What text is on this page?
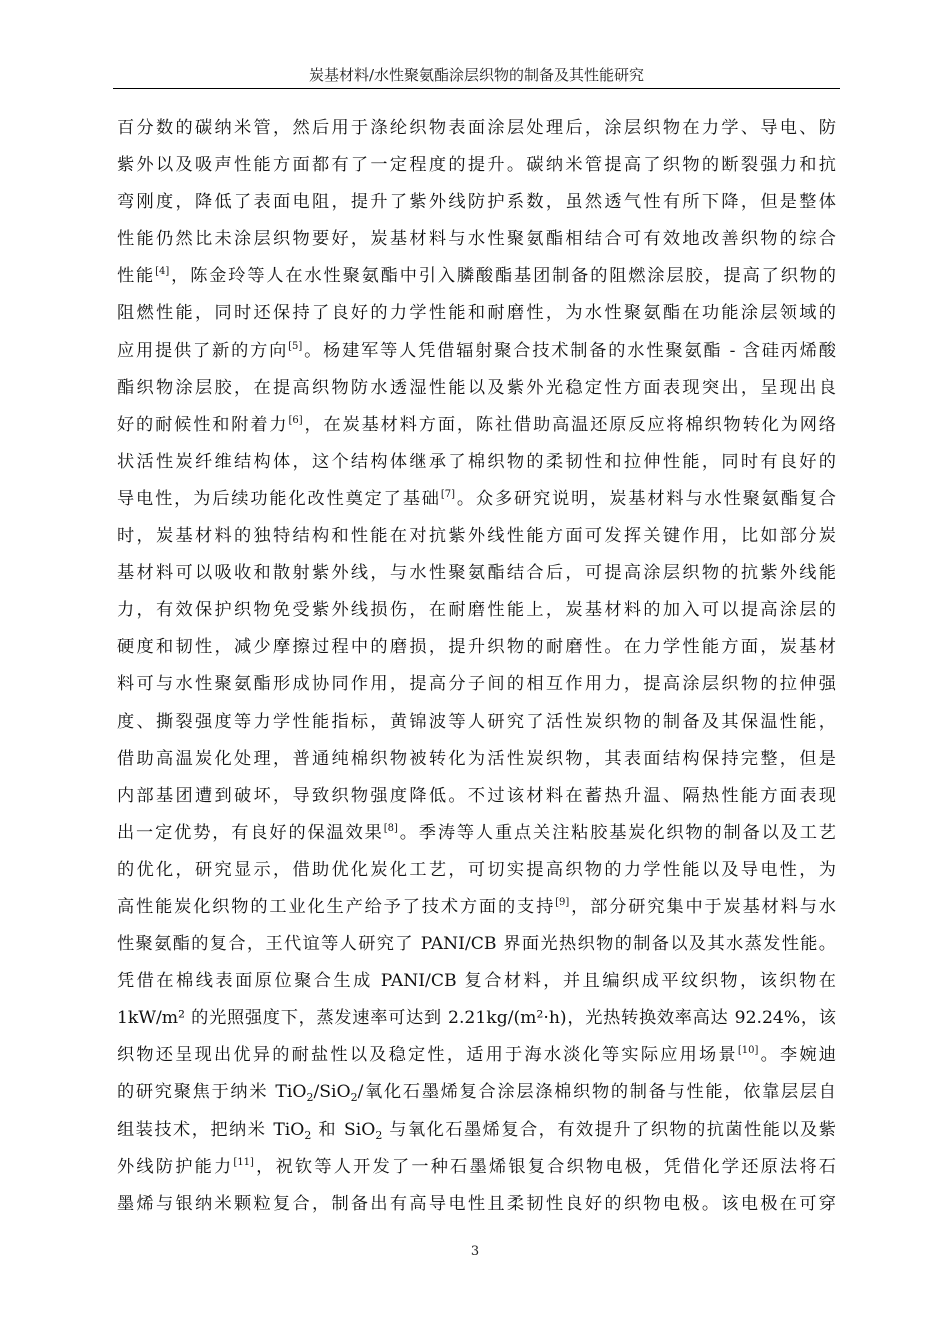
炭基材料/水性聚氨酯涂层织物的制备及其性能研究
百分数的碳纳米管，然后用于涤纶织物表面涂层处理后，涂层织物在力学、导电、防
紫外以及吸声性能方面都有了一定程度的提升。碳纳米管提高了织物的断裂强力和抗
弯刚度，降低了表面电阻，提升了紫外线防护系数，虽然透气性有所下降，但是整体
性能仍然比未涂层织物要好，炭基材料与水性聚氨酯相结合可有效地改善织物的综合
性能[4]，陈金玲等人在水性聚氨酯中引入膦酸酯基团制备的阻燃涂层胶，提高了织物的
阻燃性能，同时还保持了良好的力学性能和耐磨性，为水性聚氨酯在功能涂层领域的
应用提供了新的方向[5]。杨建军等人凭借辐射聚合技术制备的水性聚氨酯 - 含硅丙烯酸
酯织物涂层胶，在提高织物防水透湿性能以及紫外光稳定性方面表现突出，呈现出良
好的耐候性和附着力[6]，在炭基材料方面，陈社借助高温还原反应将棉织物转化为网络
状活性炭纤维结构体，这个结构体继承了棉织物的柔韧性和拉伸性能，同时有良好的
导电性，为后续功能化改性奠定了基础[7]。众多研究说明，炭基材料与水性聚氨酯复合
时，炭基材料的独特结构和性能在对抗紫外线性能方面可发挥关键作用，比如部分炭
基材料可以吸收和散射紫外线，与水性聚氨酯结合后，可提高涂层织物的抗紫外线能
力，有效保护织物免受紫外线损伤，在耐磨性能上，炭基材料的加入可以提高涂层的
硬度和韧性，减少摩擦过程中的磨损，提升织物的耐磨性。在力学性能方面，炭基材
料可与水性聚氨酯形成协同作用，提高分子间的相互作用力，提高涂层织物的拉伸强
度、撕裂强度等力学性能指标，黄锦波等人研究了活性炭织物的制备及其保温性能，
借助高温炭化处理，普通纯棉织物被转化为活性炭织物，其表面结构保持完整，但是
内部基团遭到破坏，导致织物强度降低。不过该材料在蓄热升温、隔热性能方面表现
出一定优势，有良好的保温效果[8]。季涛等人重点关注粘胶基炭化织物的制备以及工艺
的优化，研究显示，借助优化炭化工艺，可切实提高织物的力学性能以及导电性，为
高性能炭化织物的工业化生产给予了技术方面的支持[9]，部分研究集中于炭基材料与水
性聚氨酯的复合，王代谊等人研究了 PANI/CB 界面光热织物的制备以及其水蒸发性能。
凭借在棉线表面原位聚合生成 PANI/CB 复合材料，并且编织成平纹织物，该织物在
1kW/m² 的光照强度下，蒸发速率可达到 2.21kg/(m²·h)，光热转换效率高达 92.24%，该
织物还呈现出优异的耐盐性以及稳定性，适用于海水淡化等实际应用场景[10]。李婉迪
的研究聚焦于纳米 TiO$_2$/SiO$_2$/氧化石墨烯复合涂层涤棉织物的制备与性能，依靠层层自
组装技术，把纳米 TiO$_2$ 和 SiO$_2$ 与氧化石墨烯复合，有效提升了织物的抗菌性能以及紫
外线防护能力[11]，祝钦等人开发了一种石墨烯银复合织物电极，凭借化学还原法将石
墨烯与银纳米颗粒复合，制备出有高导电性且柔韧性良好的织物电极。该电极在可穿
3
